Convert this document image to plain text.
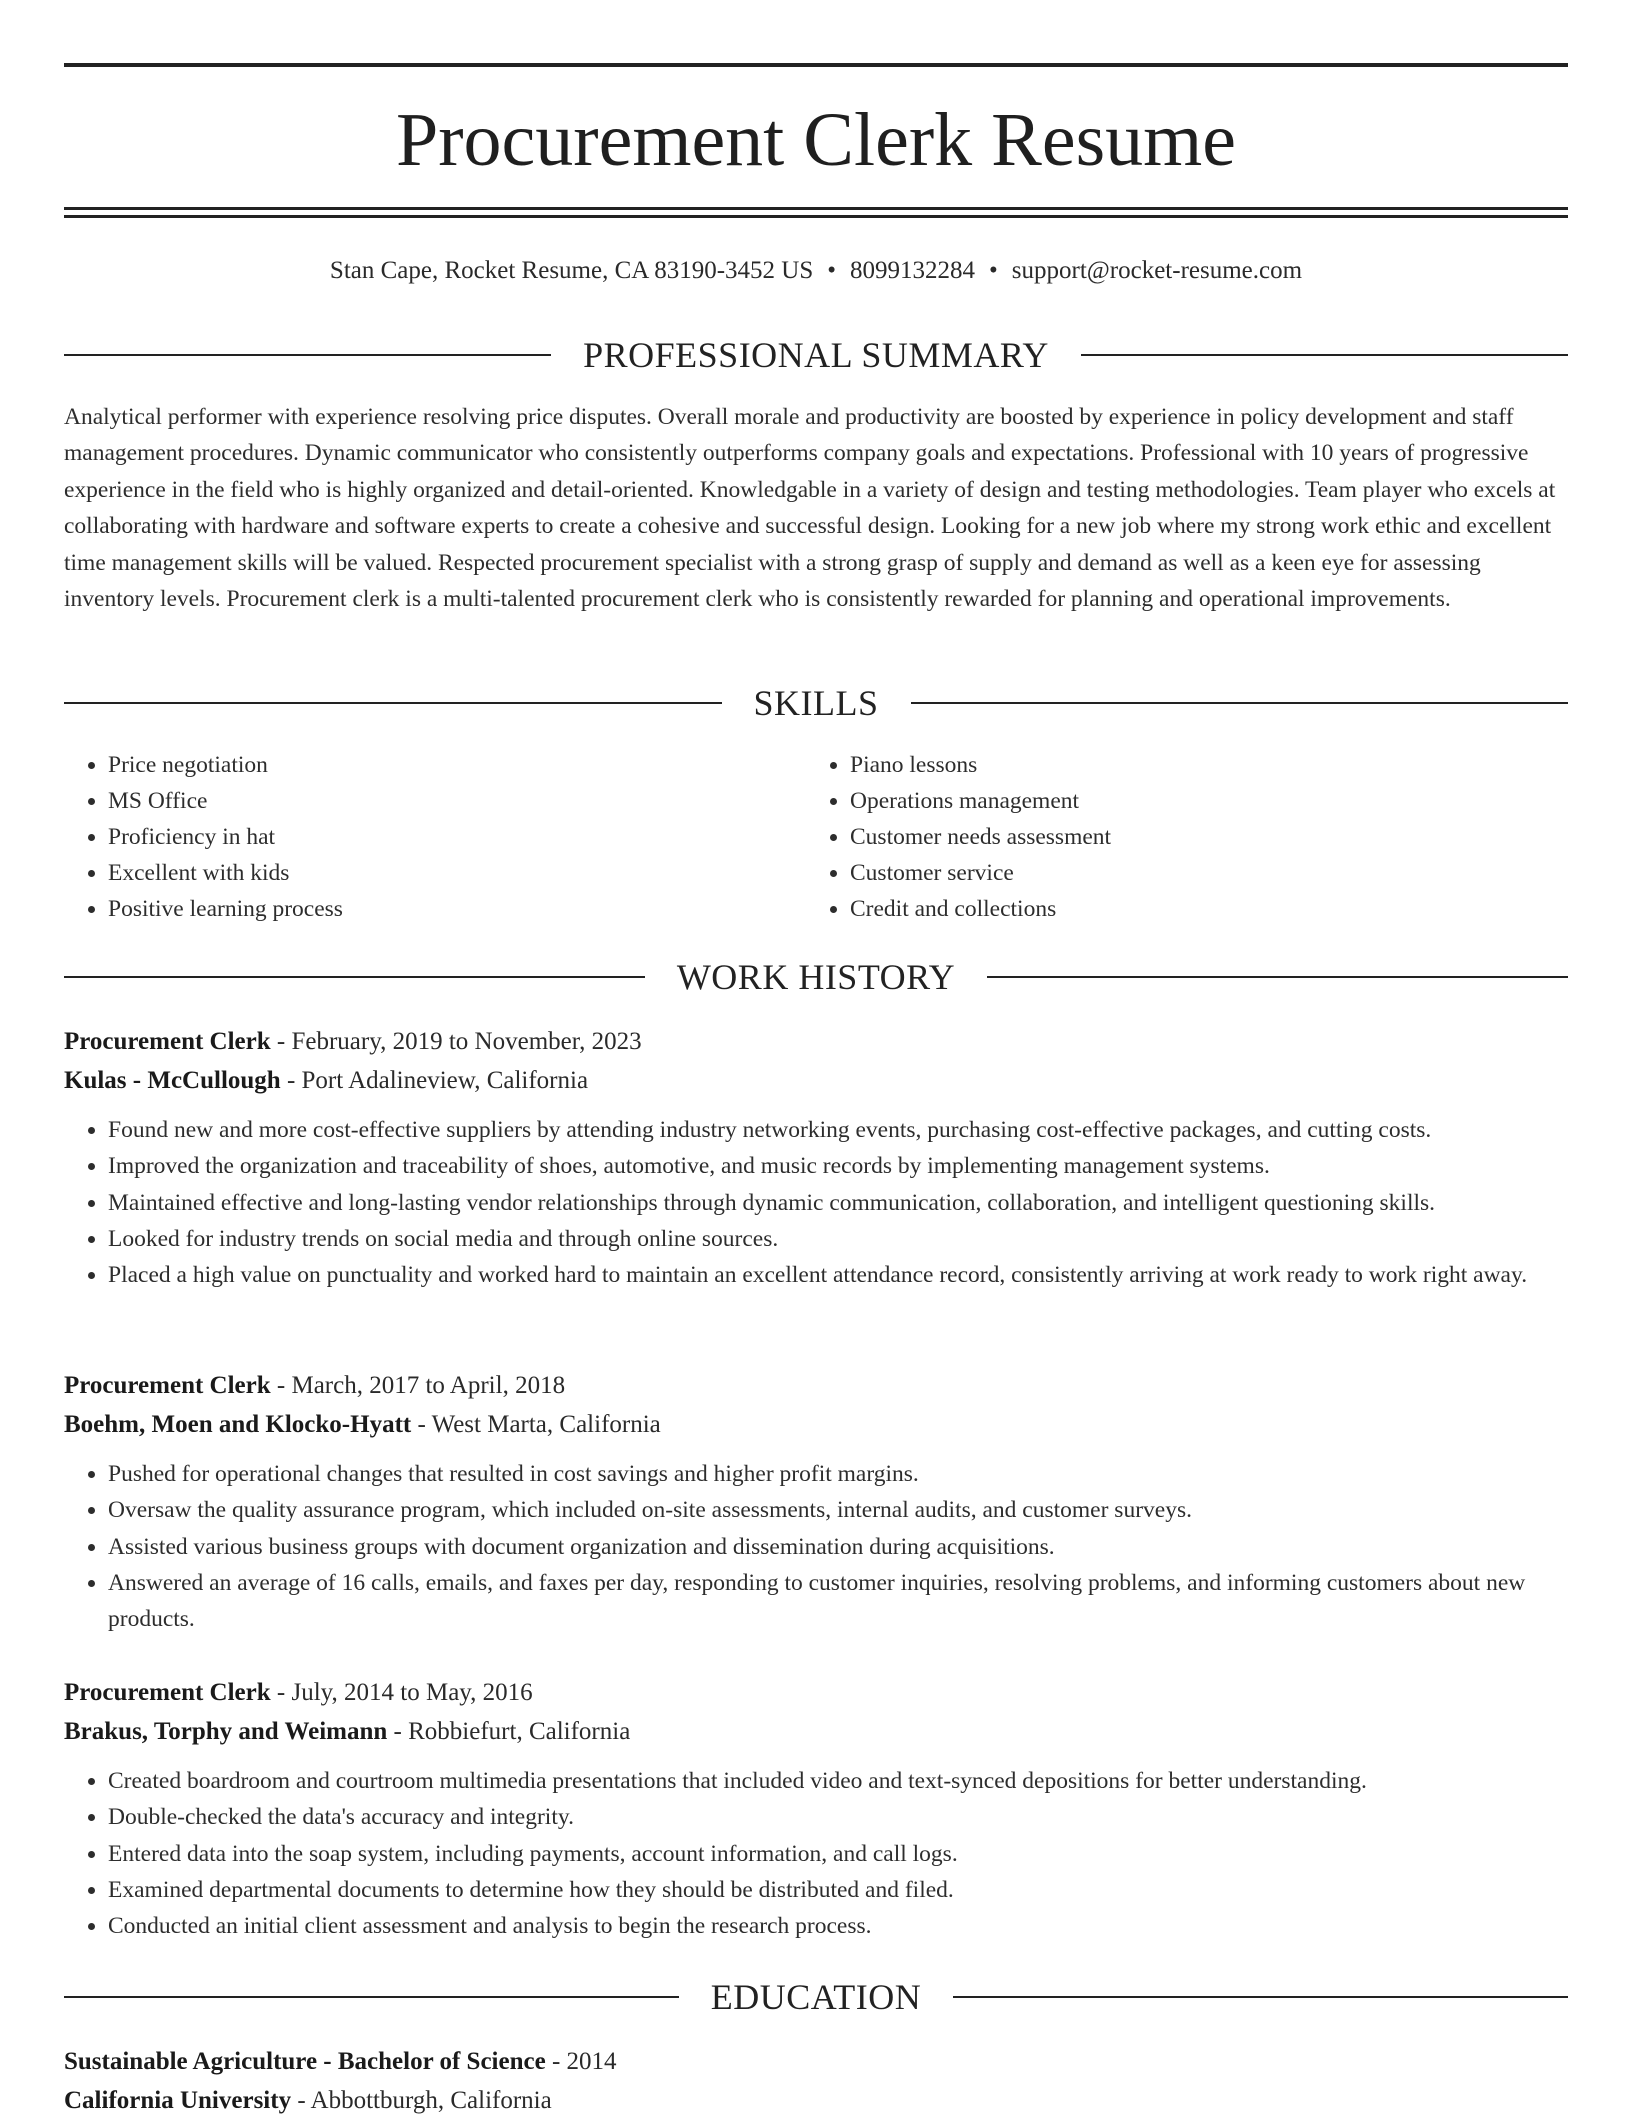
Procurement Clerk Resume
Stan Cape, Rocket Resume, CA 83190-3452 US • 8099132284 • support@rocket-resume.com
PROFESSIONAL SUMMARY

Analytical performer with experience resolving price disputes. Overall morale and productivity are boosted by experience in policy development and staff management procedures. Dynamic communicator who consistently outperforms company goals and expectations. Professional with 10 years of progressive experience in the field who is highly organized and detail-oriented. Knowledgable in a variety of design and testing methodologies. Team player who excels at collaborating with hardware and software experts to create a cohesive and successful design. Looking for a new job where my strong work ethic and excellent time management skills will be valued. Respected procurement specialist with a strong grasp of supply and demand as well as a keen eye for assessing inventory levels. Procurement clerk is a multi-talented procurement clerk who is consistently rewarded for planning and operational improvements.

SKILLS
• Price negotiation
• MS Office
• Proficiency in hat
• Excellent with kids
• Positive learning process
• Piano lessons
• Operations management
• Customer needs assessment
• Customer service
• Credit and collections
WORK HISTORY
Procurement Clerk - February, 2019 to November, 2023
Kulas - McCullough - Port Adalineview, California
• Found new and more cost-effective suppliers by attending industry networking events, purchasing cost-effective packages, and cutting costs.
• Improved the organization and traceability of shoes, automotive, and music records by implementing management systems.
• Maintained effective and long-lasting vendor relationships through dynamic communication, collaboration, and intelligent questioning skills.
• Looked for industry trends on social media and through online sources.
• Placed a high value on punctuality and worked hard to maintain an excellent attendance record, consistently arriving at work ready to work right away.
Procurement Clerk - March, 2017 to April, 2018
Boehm, Moen and Klocko-Hyatt - West Marta, California
• Pushed for operational changes that resulted in cost savings and higher profit margins.
• Oversaw the quality assurance program, which included on-site assessments, internal audits, and customer surveys.
• Assisted various business groups with document organization and dissemination during acquisitions.
• Answered an average of 16 calls, emails, and faxes per day, responding to customer inquiries, resolving problems, and informing customers about new products.
Procurement Clerk - July, 2014 to May, 2016
Brakus, Torphy and Weimann - Robbiefurt, California
• Created boardroom and courtroom multimedia presentations that included video and text-synced depositions for better understanding.
• Double-checked the data's accuracy and integrity.
• Entered data into the soap system, including payments, account information, and call logs.
• Examined departmental documents to determine how they should be distributed and filed.
• Conducted an initial client assessment and analysis to begin the research process.
EDUCATION
Sustainable Agriculture - Bachelor of Science - 2014
California University - Abbottburgh, California
